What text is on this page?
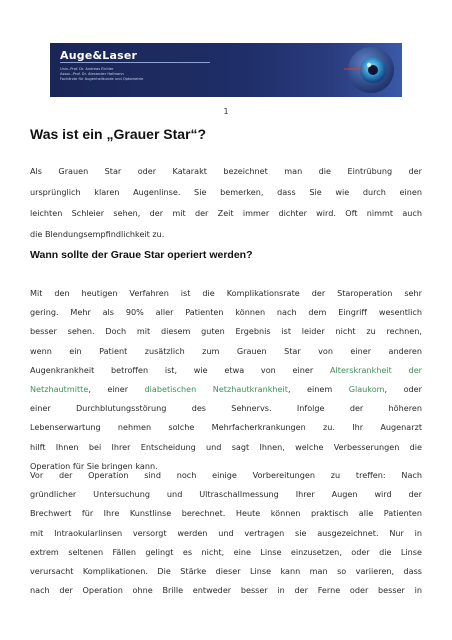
Auge&Laser
Univ.-Prof. Dr. Andreas Eichler
Assoc.-Prof. Dr. Alexander Hofmann
Fachärzte für Augenheilkunde und Optometrie
1
Was ist ein „Grauer Star“?
Als Grauen Star oder Katarakt bezeichnet man die Eintrübung der
ursprünglich klaren Augenlinse. Sie bemerken, dass Sie wie durch einen
leichten Schleier sehen, der mit der Zeit immer dichter wird. Oft nimmt auch
die Blendungsempfindlichkeit zu.
Wann sollte der Graue Star operiert werden?
Mit den heutigen Verfahren ist die Komplikationsrate der Staroperation sehr
gering. Mehr als 90% aller Patienten können nach dem Eingriff wesentlich
besser sehen. Doch mit diesem guten Ergebnis ist leider nicht zu rechnen,
wenn ein Patient zusätzlich zum Grauen Star von einer anderen
Augenkrankheit betroffen ist, wie etwa von einer Alterskrankheit der
Netzhautmitte, einer diabetischen Netzhautkrankheit, einem Glaukom, oder
einer Durchblutungsstörung des Sehnervs. Infolge der höheren
Lebenserwartung nehmen solche Mehrfacherkrankungen zu. Ihr Augenarzt
hilft Ihnen bei Ihrer Entscheidung und sagt Ihnen, welche Verbesserungen die
Operation für Sie bringen kann.
Vor der Operation sind noch einige Vorbereitungen zu treffen: Nach
gründlicher Untersuchung und Ultraschallmessung Ihrer Augen wird der
Brechwert für Ihre Kunstlinse berechnet. Heute können praktisch alle Patienten
mit Intraokularlinsen versorgt werden und vertragen sie ausgezeichnet. Nur in
extrem seltenen Fällen gelingt es nicht, eine Linse einzusetzen, oder die Linse
verursacht Komplikationen. Die Stärke dieser Linse kann man so variieren, dass
nach der Operation ohne Brille entweder besser in der Ferne oder besser in
